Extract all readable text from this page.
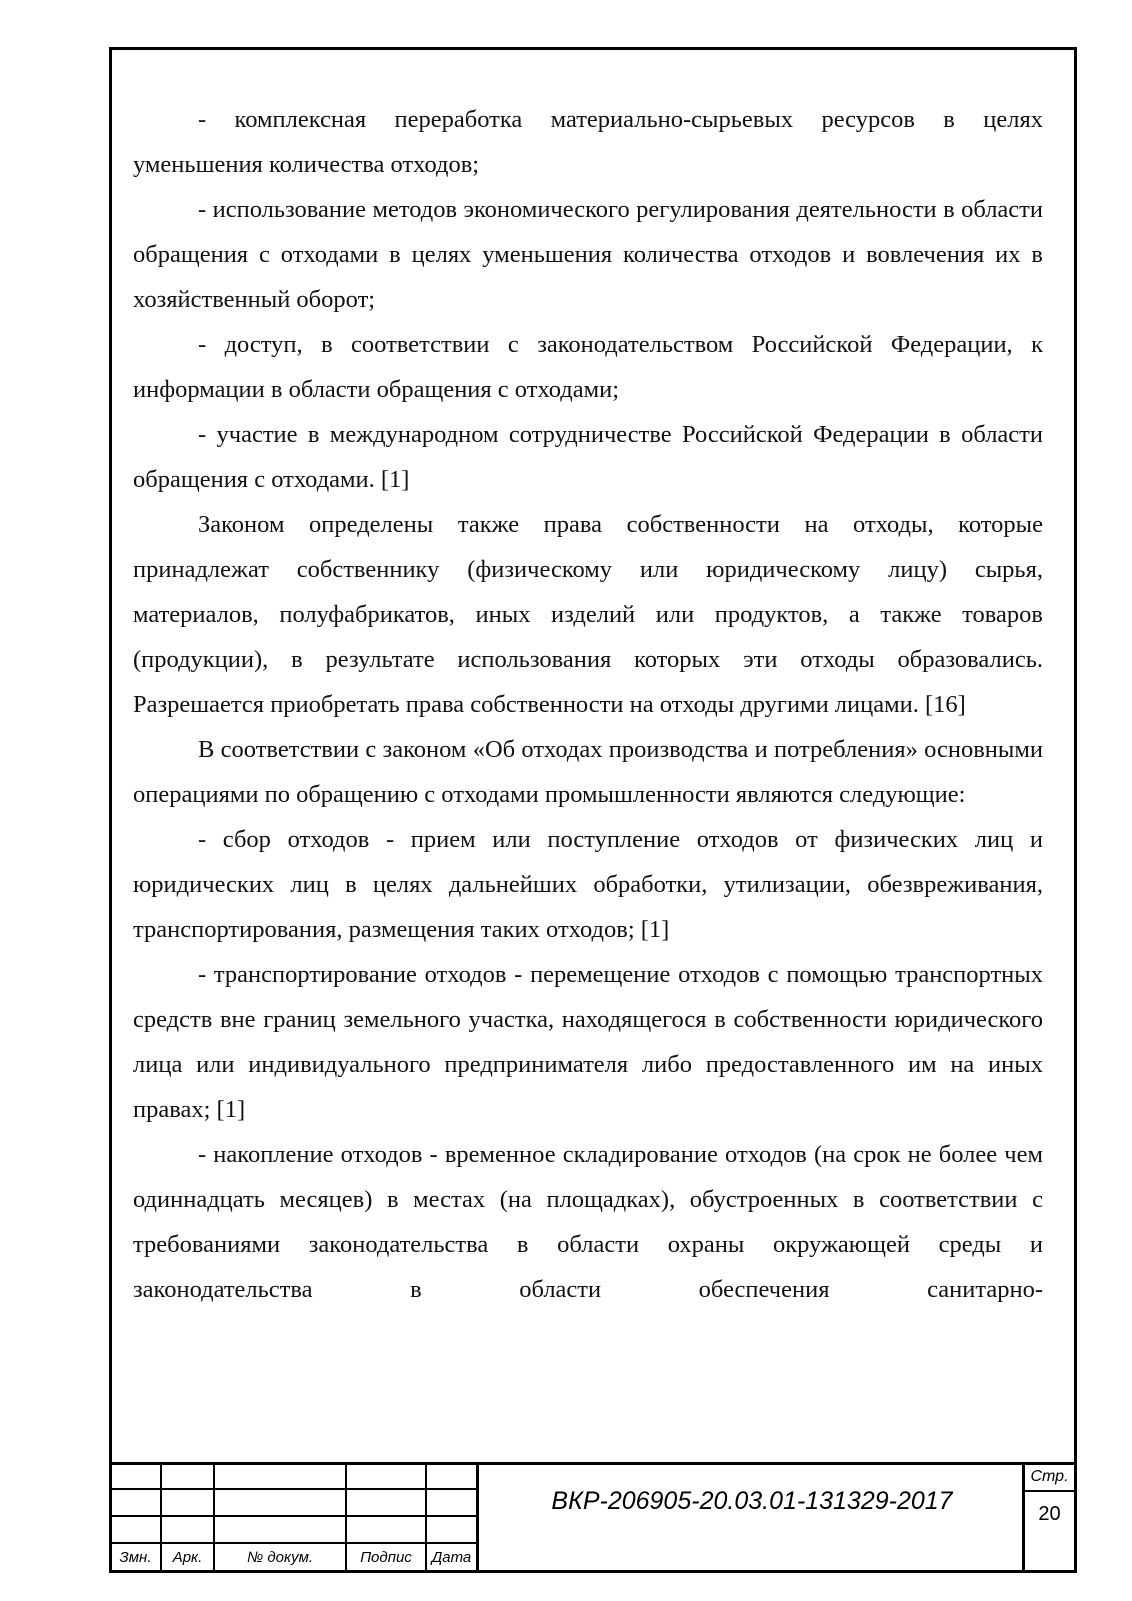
- комплексная переработка материально-сырьевых ресурсов в целях уменьшения количества отходов;

- использование методов экономического регулирования деятельности в области обращения с отходами в целях уменьшения количества отходов и вовлечения их в хозяйственный оборот;

- доступ, в соответствии с законодательством Российской Федерации, к информации в области обращения с отходами;

- участие в международном сотрудничестве Российской Федерации в области обращения с отходами. [1]

Законом определены также права собственности на отходы, которые принадлежат собственнику (физическому или юридическому лицу) сырья, материалов, полуфабрикатов, иных изделий или продуктов, а также товаров (продукции), в результате использования которых эти отходы образовались. Разрешается приобретать права собственности на отходы другими лицами. [16]

В соответствии с законом «Об отходах производства и потребления» основными операциями по обращению с отходами промышленности являются следующие:

- сбор отходов - прием или поступление отходов от физических лиц и юридических лиц в целях дальнейших обработки, утилизации, обезвреживания, транспортирования, размещения таких отходов; [1]

- транспортирование отходов - перемещение отходов с помощью транспортных средств вне границ земельного участка, находящегося в собственности юридического лица или индивидуального предпринимателя либо предоставленного им на иных правах; [1]

- накопление отходов - временное складирование отходов (на срок не более чем одиннадцать месяцев) в местах (на площадках), обустроенных в соответствии с требованиями законодательства в области охраны окружающей среды и законодательства в области обеспечения санитарно-

Змн.	Арк.	№ докум.	Подпис	Дата
ВКР-206905-20.03.01-131329-2017
Стр.
20
